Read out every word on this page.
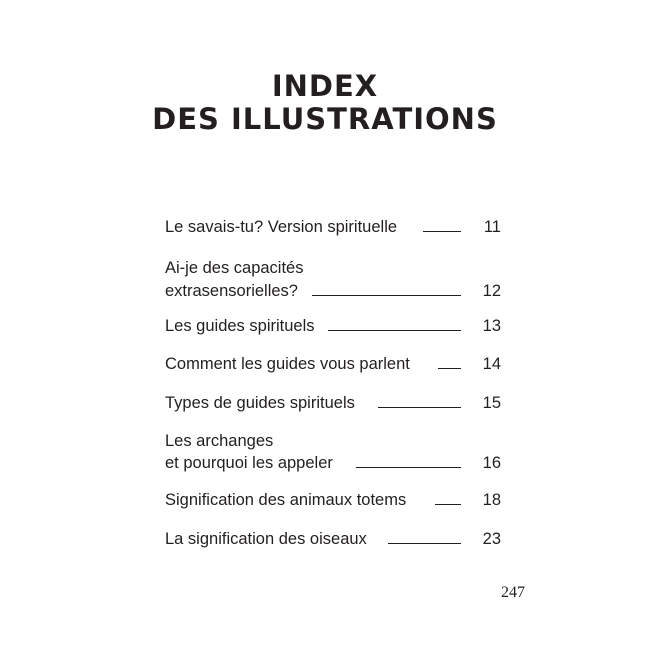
INDEX
DES ILLUSTRATIONS
Le savais-tu? Version spirituelle	11
Ai-je des capacités
extrasensorielles?	12
Les guides spirituels	13
Comment les guides vous parlent	14
Types de guides spirituels	15
Les archanges
et pourquoi les appeler	16
Signification des animaux totems	18
La signification des oiseaux	23
247
